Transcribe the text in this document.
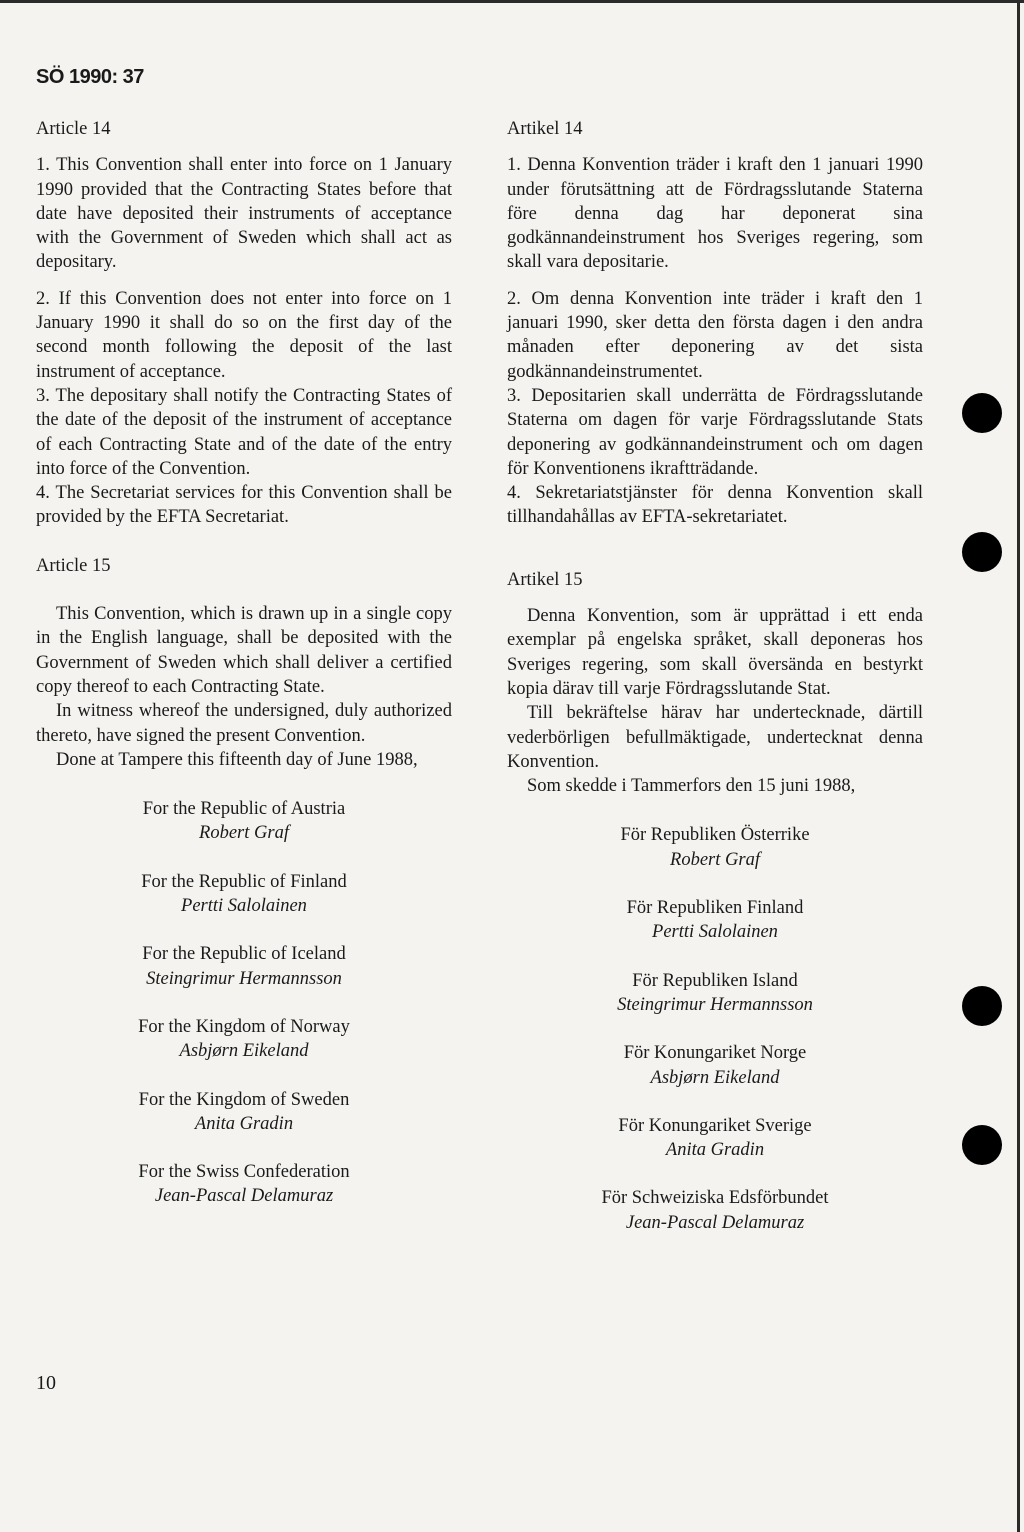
SÖ 1990: 37

Article 14

1. This Convention shall enter into force on 1 January 1990 provided that the Contracting States before that date have deposited their instruments of acceptance with the Government of Sweden which shall act as depositary.

2. If this Convention does not enter into force on 1 January 1990 it shall do so on the first day of the second month following the deposit of the last instrument of acceptance.

3. The depositary shall notify the Contracting States of the date of the deposit of the instrument of acceptance of each Contracting State and of the date of the entry into force of the Convention.

4. The Secretariat services for this Convention shall be provided by the EFTA Secretariat.

Article 15

This Convention, which is drawn up in a single copy in the English language, shall be deposited with the Government of Sweden which shall deliver a certified copy thereof to each Contracting State.

In witness whereof the undersigned, duly authorized thereto, have signed the present Convention.

Done at Tampere this fifteenth day of June 1988,

For the Republic of Austria

Robert Graf

For the Republic of Finland

Pertti Salolainen

For the Republic of Iceland

Steingrimur Hermannsson

For the Kingdom of Norway

Asbjørn Eikeland

For the Kingdom of Sweden

Anita Gradin

For the Swiss Confederation

Jean-Pascal Delamuraz

Artikel 14

1. Denna Konvention träder i kraft den 1 januari 1990 under förutsättning att de Fördragsslutande Staterna före denna dag har deponerat sina godkännandeinstrument hos Sveriges regering, som skall vara depositarie.

2. Om denna Konvention inte träder i kraft den 1 januari 1990, sker detta den första dagen i den andra månaden efter deponering av det sista godkännandeinstrumentet.

3. Depositarien skall underrätta de Fördragsslutande Staterna om dagen för varje Fördragsslutande Stats deponering av godkännandeinstrument och om dagen för Konventionens ikraftträdande.

4. Sekretariatstjänster för denna Konvention skall tillhandahållas av EFTA-sekretariatet.

Artikel 15

Denna Konvention, som är upprättad i ett enda exemplar på engelska språket, skall deponeras hos Sveriges regering, som skall översända en bestyrkt kopia därav till varje Fördragsslutande Stat.

Till bekräftelse härav har undertecknade, därtill vederbörligen befullmäktigade, undertecknat denna Konvention.

Som skedde i Tammerfors den 15 juni 1988,

För Republiken Österrike

Robert Graf

För Republiken Finland

Pertti Salolainen

För Republiken Island

Steingrimur Hermannsson

För Konungariket Norge

Asbjørn Eikeland

För Konungariket Sverige

Anita Gradin

För Schweiziska Edsförbundet

Jean-Pascal Delamuraz

10
